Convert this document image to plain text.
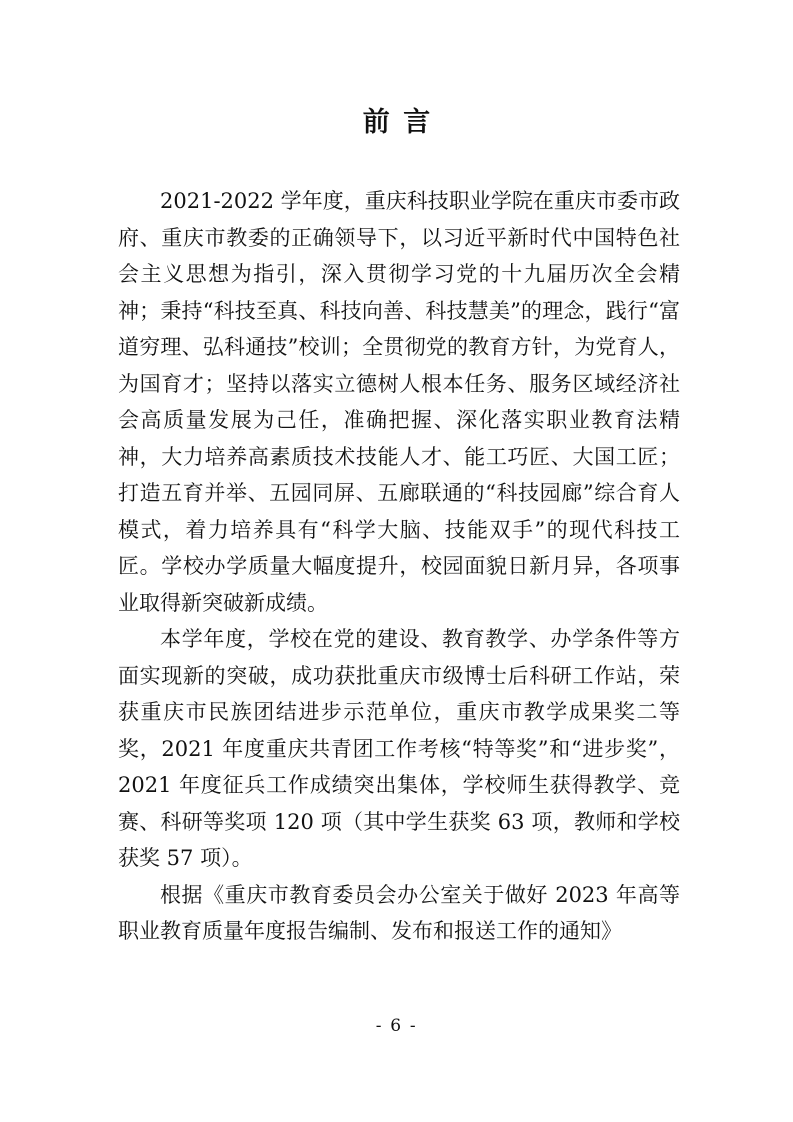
前言

2021-2022 学年度，重庆科技职业学院在重庆市委市政府、重庆市教委的正确领导下，以习近平新时代中国特色社会主义思想为指引，深入贯彻学习党的十九届历次全会精神；秉持“科技至真、科技向善、科技慧美”的理念，践行“富道穷理、弘科通技”校训；全贯彻党的教育方针，为党育人，为国育才；坚持以落实立德树人根本任务、服务区域经济社会高质量发展为己任，准确把握、深化落实职业教育法精神，大力培养高素质技术技能人才、能工巧匠、大国工匠；打造五育并举、五园同屏、五廊联通的“科技园廊”综合育人模式，着力培养具有“科学大脑、技能双手”的现代科技工匠。学校办学质量大幅度提升，校园面貌日新月异，各项事业取得新突破新成绩。

本学年度，学校在党的建设、教育教学、办学条件等方面实现新的突破，成功获批重庆市级博士后科研工作站，荣获重庆市民族团结进步示范单位，重庆市教学成果奖二等奖，2021 年度重庆共青团工作考核“特等奖”和“进步奖”，2021 年度征兵工作成绩突出集体，学校师生获得教学、竞赛、科研等奖项 120 项（其中学生获奖 63 项，教师和学校获奖 57 项）。

根据《重庆市教育委员会办公室关于做好 2023 年高等职业教育质量年度报告编制、发布和报送工作的通知》

- 6 -
